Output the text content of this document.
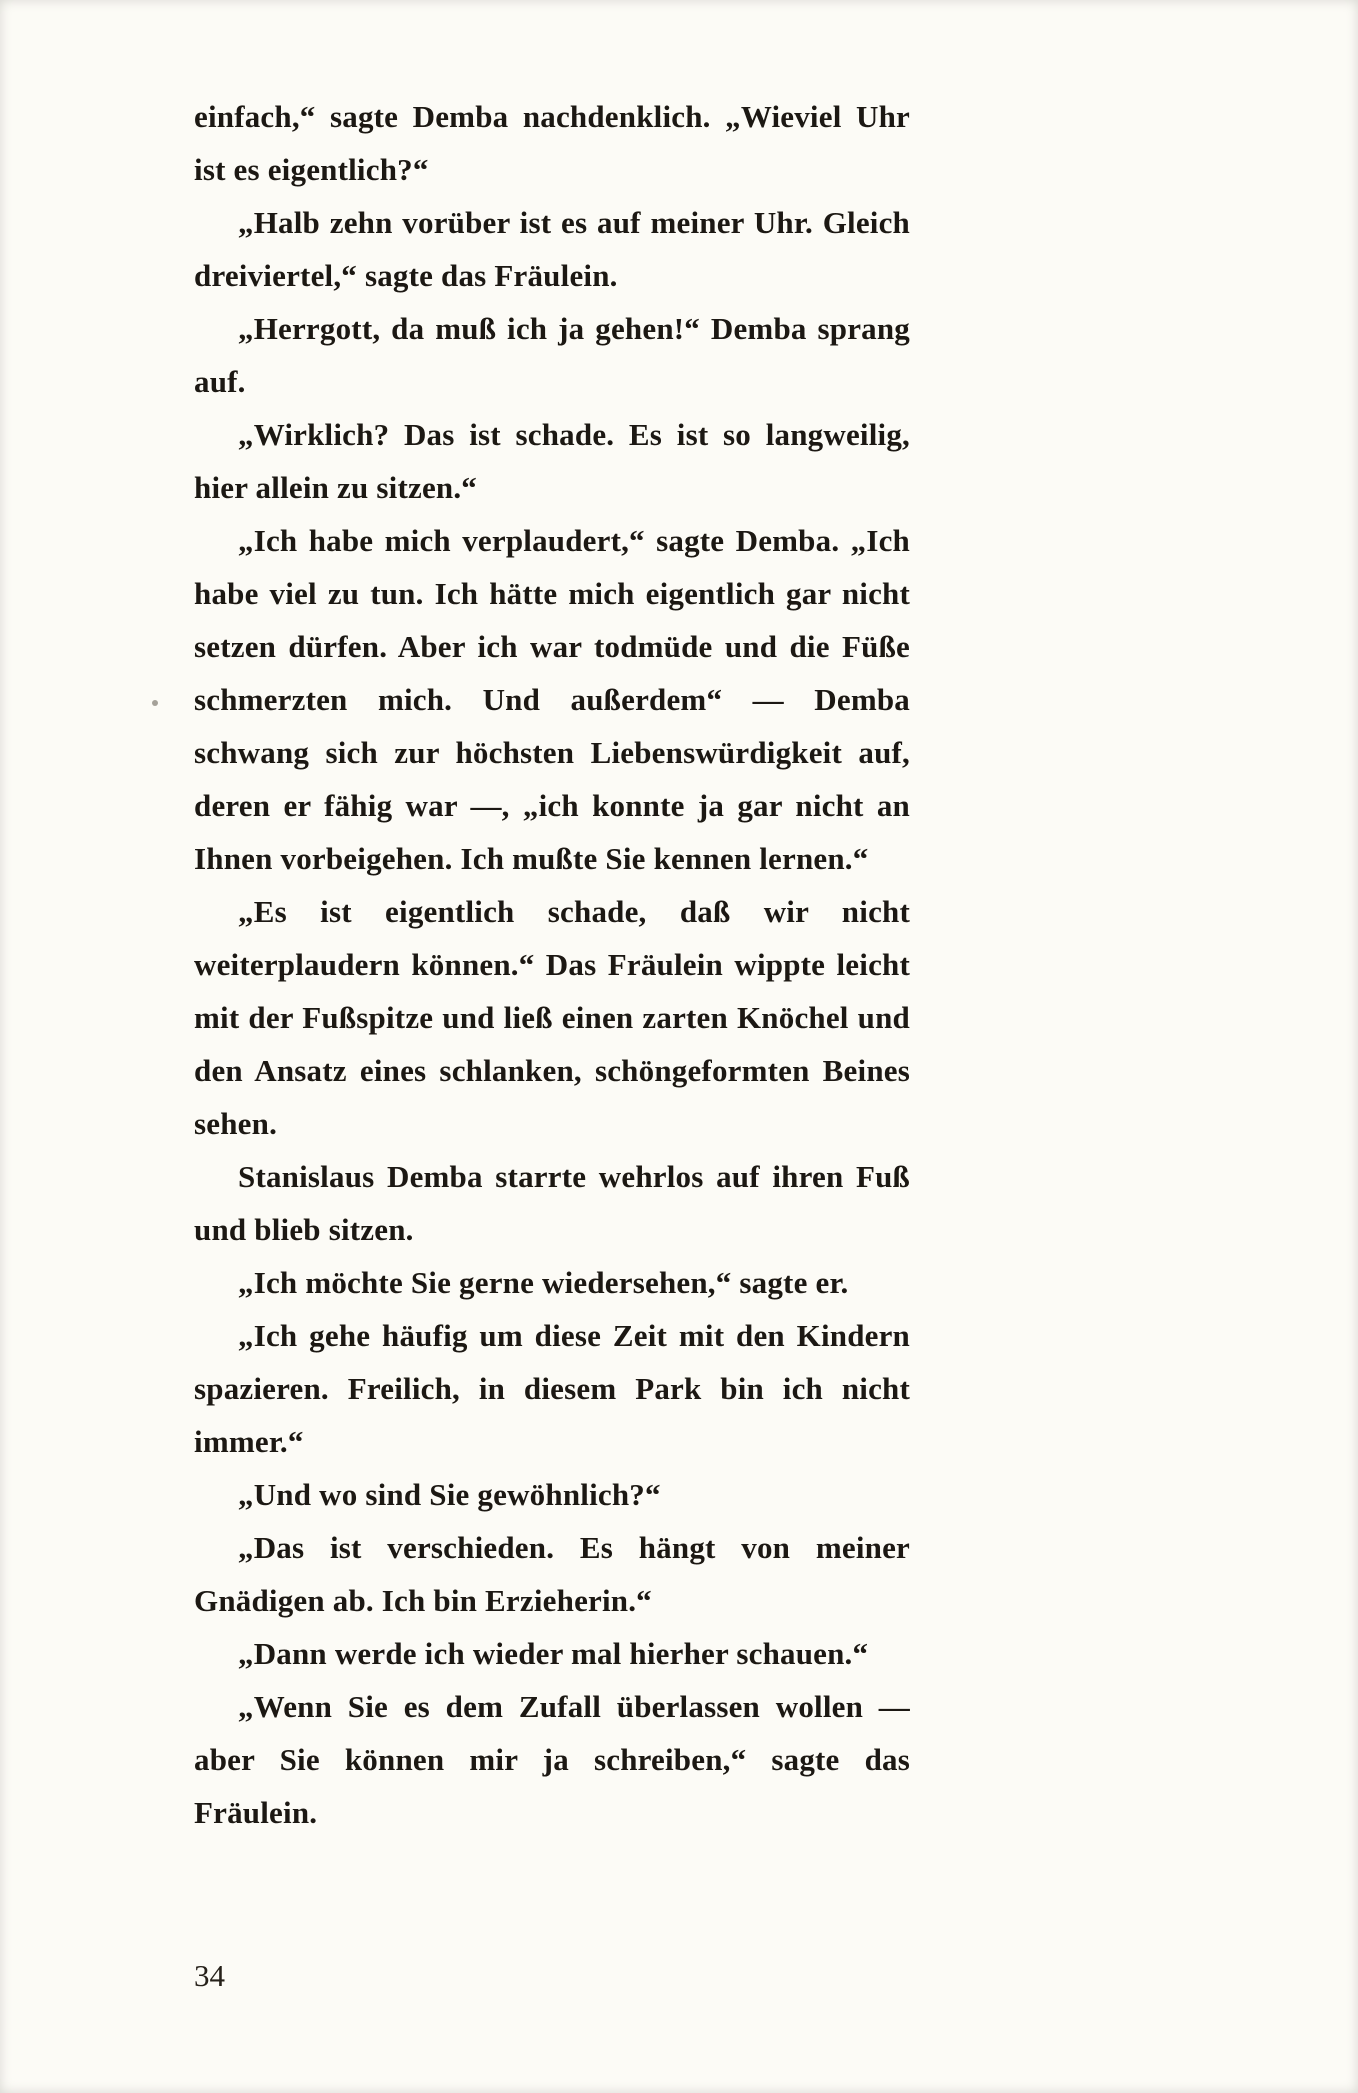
einfach,“ sagte Demba nachdenklich. „Wieviel Uhr ist es eigentlich?“

„Halb zehn vorüber ist es auf meiner Uhr. Gleich dreiviertel,“ sagte das Fräulein.

„Herrgott, da muß ich ja gehen!“ Demba sprang auf.

„Wirklich? Das ist schade. Es ist so langweilig, hier allein zu sitzen.“

„Ich habe mich verplaudert,“ sagte Demba. „Ich habe viel zu tun. Ich hätte mich eigentlich gar nicht setzen dürfen. Aber ich war todmüde und die Füße schmerzten mich. Und außerdem“ — Demba schwang sich zur höchsten Liebenswürdigkeit auf, deren er fähig war —, „ich konnte ja gar nicht an Ihnen vorbeigehen. Ich mußte Sie kennen lernen.“

„Es ist eigentlich schade, daß wir nicht weiterplaudern können.“ Das Fräulein wippte leicht mit der Fußspitze und ließ einen zarten Knöchel und den Ansatz eines schlanken, schöngeformten Beines sehen.

Stanislaus Demba starrte wehrlos auf ihren Fuß und blieb sitzen.

„Ich möchte Sie gerne wiedersehen,“ sagte er.

„Ich gehe häufig um diese Zeit mit den Kindern spazieren. Freilich, in diesem Park bin ich nicht immer.“

„Und wo sind Sie gewöhnlich?“

„Das ist verschieden. Es hängt von meiner Gnädigen ab. Ich bin Erzieherin.“

„Dann werde ich wieder mal hierher schauen.“

„Wenn Sie es dem Zufall überlassen wollen — aber Sie können mir ja schreiben,“ sagte das Fräulein.

34
